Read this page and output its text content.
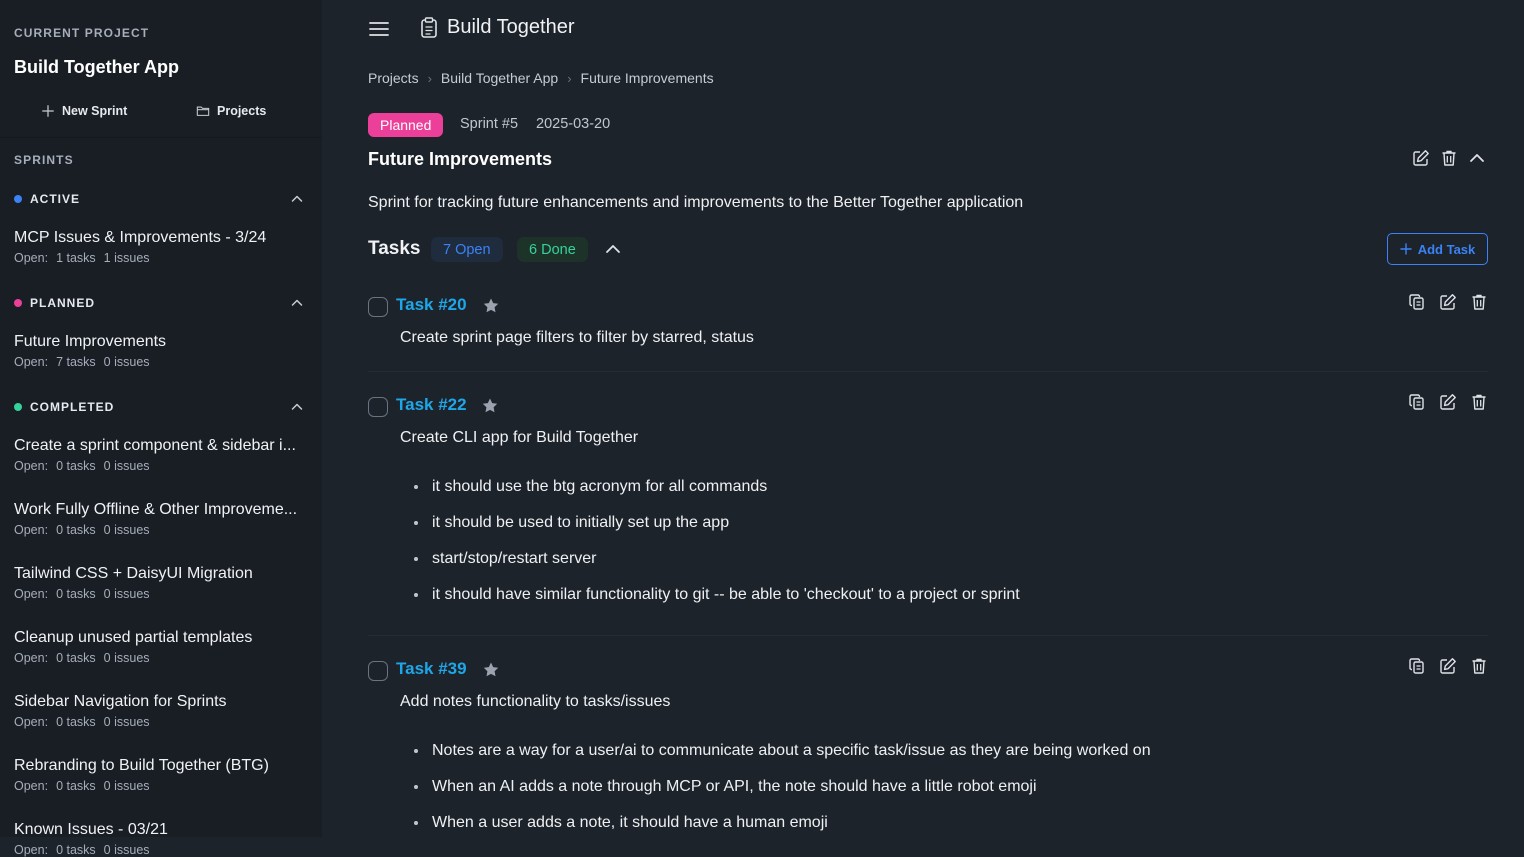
CURRENT PROJECT
Build Together App
New Sprint	Projects
SPRINTS
ACTIVE
MCP Issues & Improvements - 3/24
Open: 1 tasks 1 issues
PLANNED
Future Improvements
Open: 7 tasks 0 issues
COMPLETED
Create a sprint component & sidebar i...
Open: 0 tasks 0 issues
Work Fully Offline & Other Improveme...
Open: 0 tasks 0 issues
Tailwind CSS + DaisyUI Migration
Open: 0 tasks 0 issues
Cleanup unused partial templates
Open: 0 tasks 0 issues
Sidebar Navigation for Sprints
Open: 0 tasks 0 issues
Rebranding to Build Together (BTG)
Open: 0 tasks 0 issues
Known Issues - 03/21
Open: 0 tasks 0 issues
Build Together
Projects › Build Together App › Future Improvements
Planned	Sprint #5 2025-03-20
Future Improvements
Sprint for tracking future enhancements and improvements to the Better Together application
Tasks	7 Open	6 Done	Add Task
Task #20
Create sprint page filters to filter by starred, status
Task #22
Create CLI app for Build Together
it should use the btg acronym for all commands
it should be used to initially set up the app
start/stop/restart server
it should have similar functionality to git -- be able to 'checkout' to a project or sprint
Task #39
Add notes functionality to tasks/issues
Notes are a way for a user/ai to communicate about a specific task/issue as they are being worked on
When an AI adds a note through MCP or API, the note should have a little robot emoji
When a user adds a note, it should have a human emoji
